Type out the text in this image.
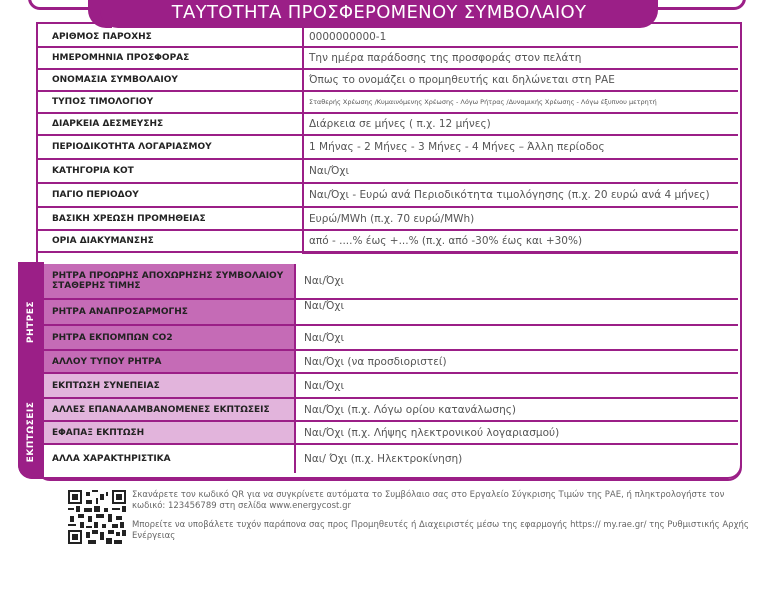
ΡΗΤΡΕΣ
ΕΚΠΤΩΣΕΙΣ
ΑΡΙΘΜΟΣ ΠΑΡΟΧΗΣ	0000000000-1
ΗΜΕΡΟΜΗΝΙΑ ΠΡΟΣΦΟΡΑΣ	Την ημέρα παράδοσης της προσφοράς στον πελάτη
ΟΝΟΜΑΣΙΑ ΣΥΜΒΟΛΑΙΟΥ	Όπως το ονομάζει ο προμηθευτής και δηλώνεται στη ΡΑΕ
ΤΥΠΟΣ ΤΙΜΟΛΟΓΙΟΥ	Σταθερής Χρέωσης /Κυμαινόμενης Χρέωσης - Λόγω Ρήτρας /Δυναμικής Χρέωσης - Λόγω έξυπνου μετρητή
ΔΙΑΡΚΕΙΑ ΔΕΣΜΕΥΣΗΣ	Διάρκεια σε μήνες ( π.χ. 12 μήνες)
ΠΕΡΙΟΔΙΚΟΤΗΤΑ ΛΟΓΑΡΙΑΣΜΟΥ	1 Μήνας - 2 Μήνες - 3 Μήνες - 4 Μήνες – Άλλη περίοδος
ΚΑΤΗΓΟΡΙΑ ΚΟΤ	Ναι/Όχι
ΠΑΓΙΟ ΠΕΡΙΟΔΟΥ	Ναι/Όχι - Ευρώ ανά Περιοδικότητα τιμολόγησης (π.χ. 20 ευρώ ανά 4 μήνες)
ΒΑΣΙΚΗ ΧΡΕΩΣΗ ΠΡΟΜΗΘΕΙΑΣ	Ευρώ/MWh (π.χ. 70 ευρώ/MWh)
ΟΡΙΑ ΔΙΑΚΥΜΑΝΣΗΣ	από - ....% έως +...% (π.χ. από -30% έως και +30%)
ΡΗΤΡΑ ΠΡΟΩΡΗΣ ΑΠΟΧΩΡΗΣΗΣ ΣΥΜΒΟΛΑΙΟΥ ΣΤΑΘΕΡΗΣ ΤΙΜΗΣ	Ναι/Όχι
ΡΗΤΡΑ ΑΝΑΠΡΟΣΑΡΜΟΓΗΣ	Ναι/Όχι
ΡΗΤΡΑ ΕΚΠΟΜΠΩΝ CO2	Ναι/Όχι
ΑΛΛΟΥ ΤΥΠΟΥ ΡΗΤΡΑ	Ναι/Όχι (να προσδιοριστεί)
ΕΚΠΤΩΣΗ ΣΥΝΕΠΕΙΑΣ	Ναι/Όχι
ΑΛΛΕΣ ΕΠΑΝΑΛΑΜΒΑΝΟΜΕΝΕΣ ΕΚΠΤΩΣΕΙΣ	Ναι/Όχι (π.χ. Λόγω ορίου κατανάλωσης)
ΕΦΑΠΑΞ ΕΚΠΤΩΣΗ	Ναι/Όχι (π.χ. Λήψης ηλεκτρονικού λογαριασμού)
ΑΛΛΑ ΧΑΡΑΚΤΗΡΙΣΤΙΚΑ	Ναι/ Όχι (π.χ. Ηλεκτροκίνηση)
ΤΑΥΤΟΤΗΤΑ ΠΡΟΣΦΕΡΟΜΕΝΟΥ ΣΥΜΒΟΛΑΙΟΥ

Σκανάρετε τον κωδικό QR για να συγκρίνετε αυτόματα το Συμβόλαιο σας στο Εργαλείο Σύγκρισης Τιμών της ΡΑΕ, ή πληκτρολογήστε τον κωδικό: 123456789 στη σελίδα www.energycost.gr

Μπορείτε να υποβάλετε τυχόν παράπονα σας προς Προμηθευτές ή Διαχειριστές μέσω της εφαρμογής https:// my.rae.gr/ της Ρυθμιστικής Αρχής Ενέργειας
